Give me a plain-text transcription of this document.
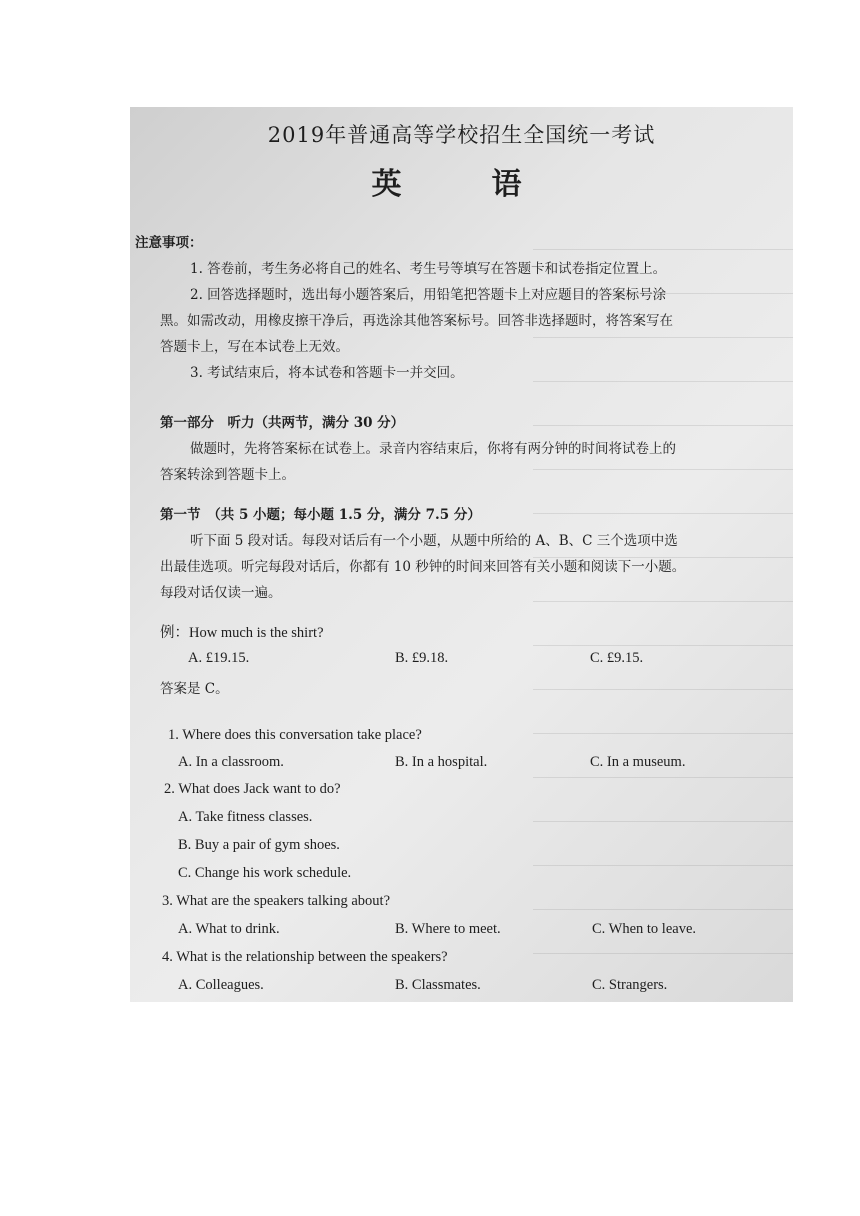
2019年普通高等学校招生全国统一考试
英　语
注意事项：
1. 答卷前，考生务必将自己的姓名、考生号等填写在答题卡和试卷指定位置上。
2. 回答选择题时，选出每小题答案后，用铅笔把答题卡上对应题目的答案标号涂
黑。如需改动，用橡皮擦干净后，再选涂其他答案标号。回答非选择题时，将答案写在
答题卡上，写在本试卷上无效。
3. 考试结束后，将本试卷和答题卡一并交回。
第一部分　听力（共两节，满分 30 分）
做题时，先将答案标在试卷上。录音内容结束后，你将有两分钟的时间将试卷上的
答案转涂到答题卡上。
第一节　（共 5 小题；每小题 1.5 分，满分 7.5 分）
听下面 5 段对话。每段对话后有一个小题，从题中所给的 A、B、C 三个选项中选
出最佳选项。听完每段对话后，你都有 10 秒钟的时间来回答有关小题和阅读下一小题。
每段对话仅读一遍。
例：How much is the shirt?
A. £19.15.	B. £9.18.	C. £9.15.
答案是 C。
1. Where does this conversation take place?
A. In a classroom.	B. In a hospital.	C. In a museum.
2. What does Jack want to do?
A. Take fitness classes.
B. Buy a pair of gym shoes.
C. Change his work schedule.
3. What are the speakers talking about?
A. What to drink.	B. Where to meet.	C. When to leave.
4. What is the relationship between the speakers?
A. Colleagues.	B. Classmates.	C. Strangers.
